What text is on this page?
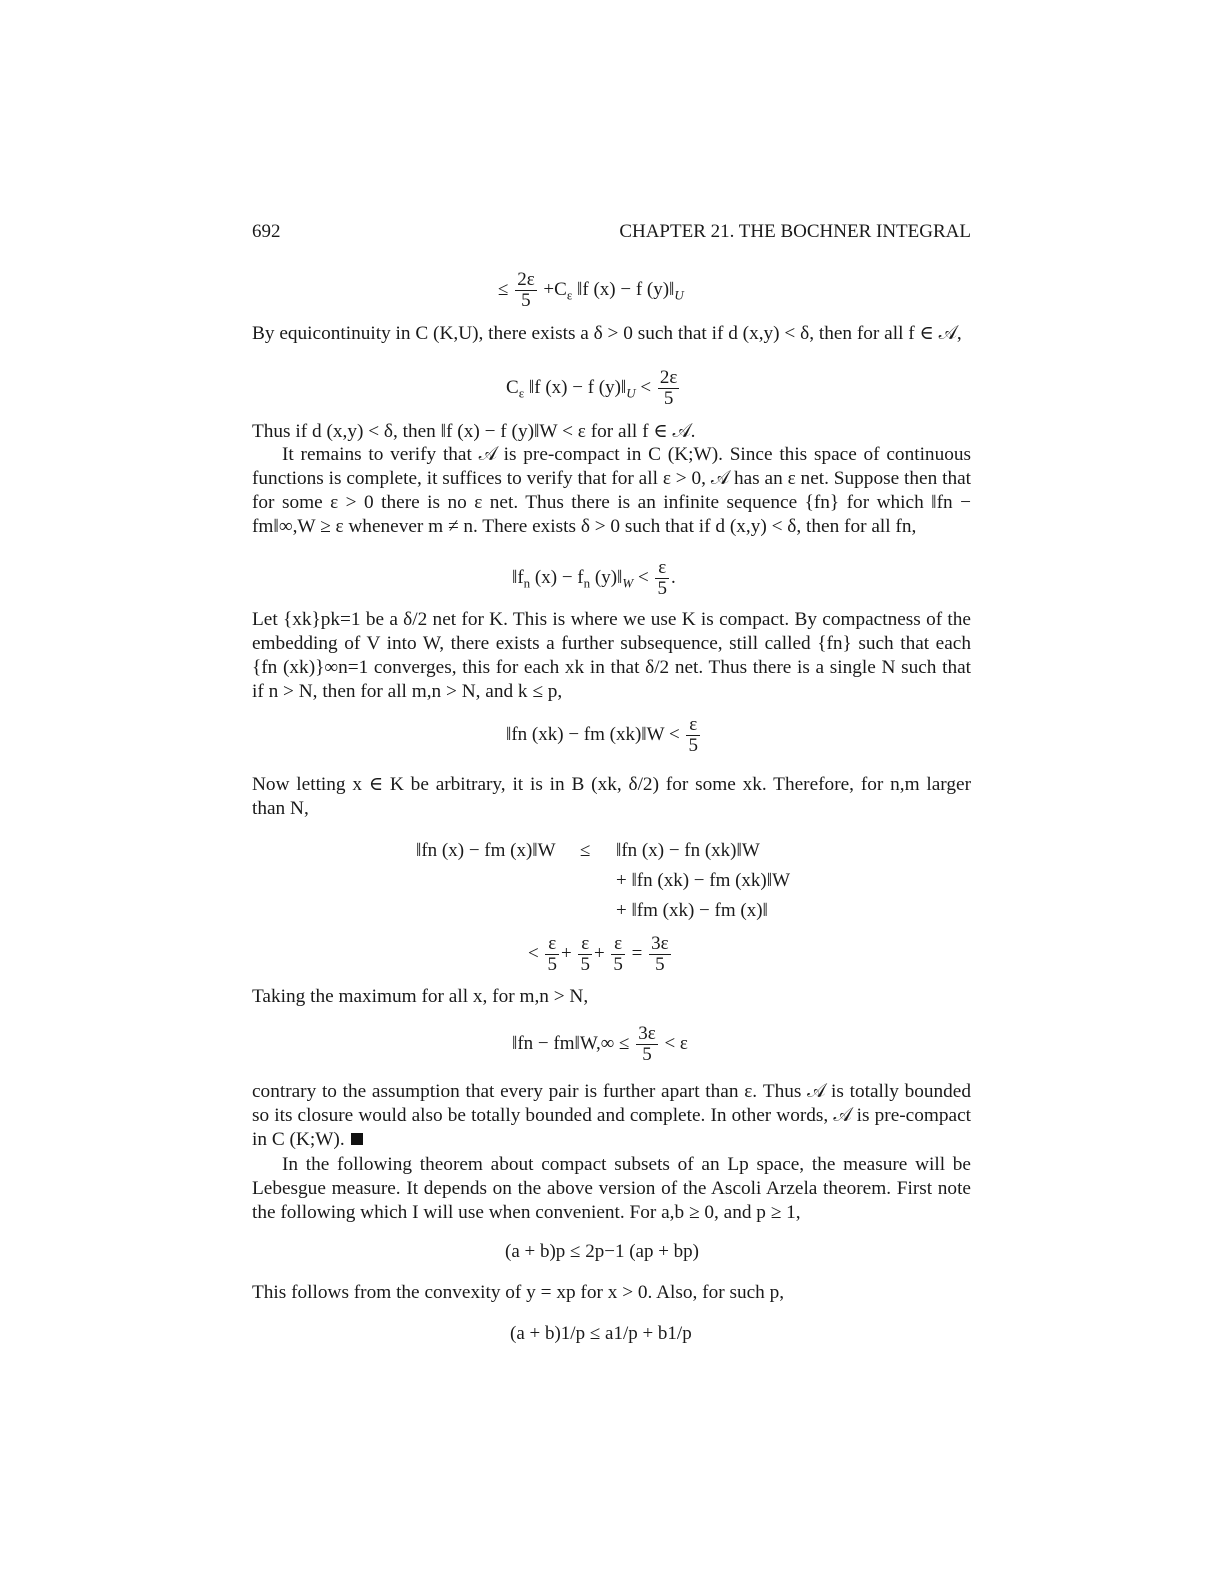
692	CHAPTER 21. THE BOCHNER INTEGRAL
≤ $\frac{2\varepsilon}{5} +C_\varepsilon$ ‖f (x) − f $(y)‖_U$
By equicontinuity in C (K,U), there exists a δ > 0 such that if d (x,y) < δ, then for all f ∈ 𝒜,
$C_\varepsilon$ ‖f (x) − f $(y)‖_U < \frac{2\varepsilon}{5}$
Thus if d (x,y) < δ, then ‖f (x) − f (y)‖W < ε for all f ∈ 𝒜.
It remains to verify that 𝒜 is pre-compact in C (K;W). Since this space of continuous functions is complete, it suffices to verify that for all ε > 0, 𝒜 has an ε net. Suppose then that for some ε > 0 there is no ε net. Thus there is an infinite sequence {fn} for which ‖fn − fm‖∞,W ≥ ε whenever m ≠ n. There exists δ > 0 such that if d (x,y) < δ, then for all fn,
$‖f_n$ $(x) - f_n$ $(y)‖_W < \frac{\varepsilon}{5}$ .
Let {xk}pk=1 be a δ/2 net for K. This is where we use K is compact. By compactness of the embedding of V into W, there exists a further subsequence, still called {fn} such that each {fn (xk)}∞n=1 converges, this for each xk in that δ/2 net. Thus there is a single N such that if n > N, then for all m,n > N, and k ≤ p,
‖fn (xk) − fm (xk)‖W < $\frac{\varepsilon}{5}$
Now letting x ∈ K be arbitrary, it is in B (xk, δ/2) for some xk. Therefore, for n,m larger than N,
‖fn (x) − fm (x)‖W ≤ ‖fn (x) − fn (xk)‖W
+ ‖fn (xk) − fm (xk)‖W
+ ‖fm (xk) − fm (x)‖
< $\frac{\varepsilon}{5} + \frac{\varepsilon}{5} + \frac{\varepsilon}{5} = \frac{3\varepsilon}{5}$
Taking the maximum for all x, for m,n > N,
‖fn − fm‖W,∞ ≤ $\frac{3\varepsilon}{5} < \varepsilon$
contrary to the assumption that every pair is further apart than ε. Thus 𝒜 is totally bounded so its closure would also be totally bounded and complete. In other words, 𝒜 is pre-compact in C (K;W).
In the following theorem about compact subsets of an Lp space, the measure will be Lebesgue measure. It depends on the above version of the Ascoli Arzela theorem. First note the following which I will use when convenient. For a,b ≥ 0, and p ≥ 1,
(a + b)p ≤ 2p−1 (ap + bp)
This follows from the convexity of y = xp for x > 0. Also, for such p,
(a + b)1/p ≤ a1/p + b1/p
